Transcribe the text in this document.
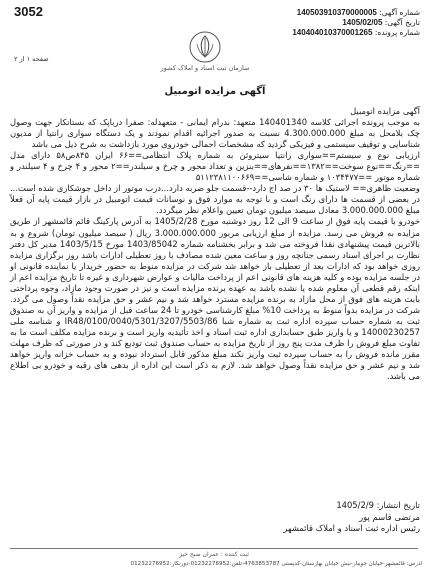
3052	شماره آگهی: 140503910370000005
تاریخ آگهی: 1405/02/05
شماره پرونده: 140404010370001265
صفحه ۱ از ۲
سازمان ثبت اسناد و املاک کشور
آگهی مزایده اتومبیل

آگهی مزایده اتومبیل

به موجب پرونده اجرائی کلاسه 140401340 متعهد: بدرام ایمانی - متعهدله: صفرا درباپک که بستانکار جهت وصول چک بلامحل به مبلغ 4.300.000.000 نسبت به صدور اجرائیه اقدام نمودند و یک دستگاه سواری رانتیا از مدیون شناسایی و توقیف سیستمی و فیزیکی گردید که مشخصات اجمالی خودروی مورد بازداشت به شرح ذیل می باشد

ارزیابی نوع و سیستم==سواری رانتیا سیتروئن به شماره پلاک انتظامی==۶۶ ایران ۸۴۵ص۵۸ دارای مدل ==رنگ==نوع سوخت==۱۳۸۲==نفرهای==بنزین و تعداد محور و چرخ و سیلندر==۲ محور و ۴ چرخ و ۴ سیلندر و شماره موتور ==۱۰۳۴۴۷۷ و شماره شاسی==۵۱۱۲۳۸۱۱۰۰۶۶۹

وضعیت ظاهری== لاستیک ها ۳۰ در صد اج دارد--قسمت جلو ضربه دارد...درب موتور از داخل جوشکاری شده است... در بعضی از قسمت ها دارای رنگ است و با توجه به موارد فوق و نوسانات قیمت اتومبیل در بازار قیمت پایه آن فعلاً مبلغ 3.000.000.000 معادل سیصد میلیون تومان تعیین واعلام نظر میگردد.

خودرو با قیمت پایه فوق از ساعت 9 الی 12 روز دوشنبه مورخ 1405/2/28 به آدرس پارکینگ قائم قائمشهر از طریق مزایده به فروش می رسد. مزایده از مبلغ ارزیابی مربور 3.000.000.000 ریال ( سیصد میلیون تومان) شروع و به بالاترین قیمت پیشنهادی نقدا فروخته می شد و برابر بخشنامه شماره 1403/85042 مورخ 1403/5/15 مدیر کل دفتر نظارت بر اجرای اسناد رسمی جنانچه روز و ساعت معین شده مصادف با روز تعطیلی ادارات باشد روز برگزاری مزایده روزی خواهد بود که ادارات بعد از تعطیلی باز خواهد شد شرکت در مزایده منوط به حضور خریدار یا نماینده قانونی او در جلسه مزایده بوده و کلیه هزینه های قانونی اعم از پرداخت مالیات و عوارض شهرداری و غیره تا تاریخ مزایده اعم از اینکه رقم قطعی آن معلوم شده یا نشده باشد به عهده برنده مزایده است و نیز در صورت وجود مازاد، وجوه پرداختی بابت هزینه های فوق از محل مازاد به برنده مزایده مسترد خواهد شد و نیم عشر و حق مزایده نقداً وصول می گردد. شرکت در مزایده بدواً منوط به پرداخت 10% مبلغ کارشناسی خودرو تا 24 ساعت قبل از مزایده و واریز آن به صندوق ثبت به شماره حساب سپرده اداره ثبت به شماره شبا IR48/0100/0040/5301/3207/5503/86 و شناسه ملی 14000230257 و یا واریز طبق حسابداری اداره ثبت اسناد و اخذ تأئیدیه واریز است و برنده مزایده مکلف است ما به تفاوت مبلغ فروش را ظرف مدت پنج روز از تاریخ مزایده به حساب صندوق ثبت تودیع کند و در صورتی که ظرف مهلت مقرر مانده فروش را به حساب سپرده ثبت واریز نکند مبلغ مذکور قابل استرداد نبوده و به حساب خزانه واریز خواهد شد و نیم عشر و حق مزایده نقداً وصول خواهد شد. لازم به ذکر است این اداره از بدهی های رقبه و خودرو بی اطلاع می باشد.

تاریخ انتشار: 1405/2/9
مرتضی قاسم پور
رئیس اداره ثبت اسناد و املاک قائمشهر
ثبت کننده : عمران صبح خیز
آدرس: قائمشهر-خیابان جویبار-نبش خیابان بهارستان-کدپستی 4763853787-تلفن:01232276952-دورنگار:01232276952
